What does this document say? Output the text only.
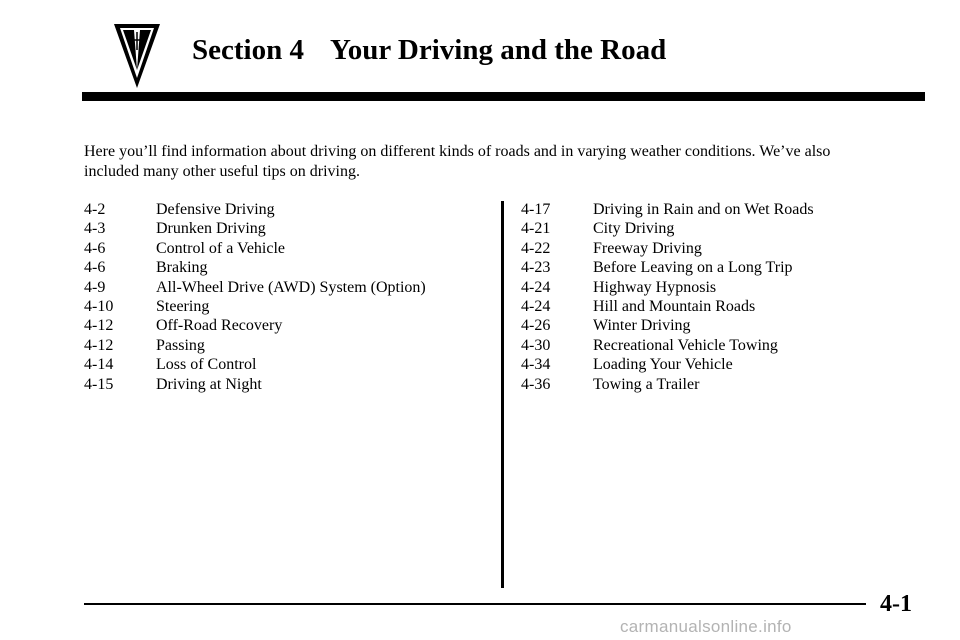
Section 4 Your Driving and the Road

Here you’ll find information about driving on different kinds of roads and in varying weather conditions. We’ve also included many other useful tips on driving.

4-2	Defensive Driving
4-3	Drunken Driving
4-6	Control of a Vehicle
4-6	Braking
4-9	All-Wheel Drive (AWD) System (Option)
4-10	Steering
4-12	Off-Road Recovery
4-12	Passing
4-14	Loss of Control
4-15	Driving at Night
4-17	Driving in Rain and on Wet Roads
4-21	City Driving
4-22	Freeway Driving
4-23	Before Leaving on a Long Trip
4-24	Highway Hypnosis
4-24	Hill and Mountain Roads
4-26	Winter Driving
4-30	Recreational Vehicle Towing
4-34	Loading Your Vehicle
4-36	Towing a Trailer
4-1
carmanualsonline.info
